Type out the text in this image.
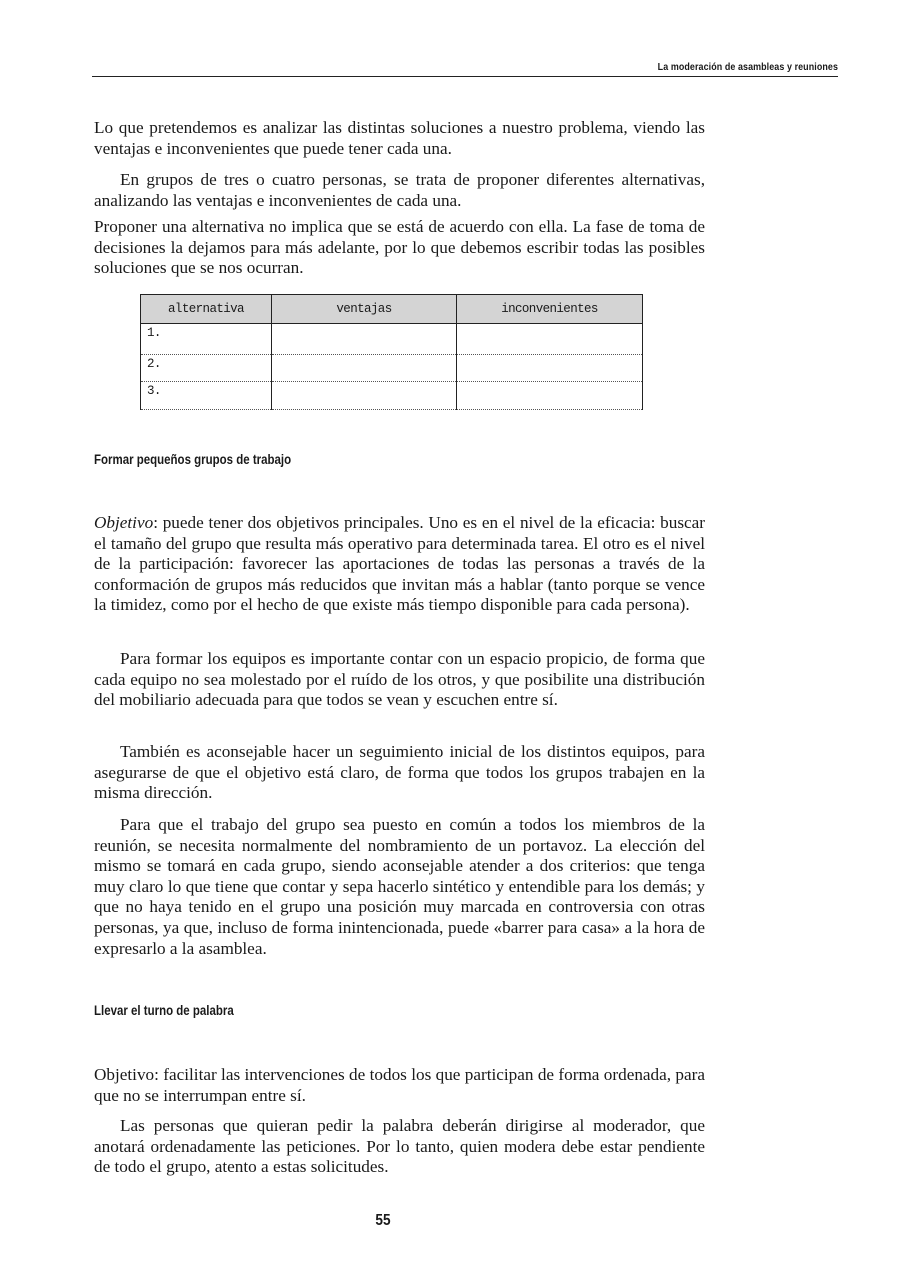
La moderación de asambleas y reuniones

Lo que pretendemos es analizar las distintas soluciones a nuestro problema, viendo las ventajas e inconvenientes que puede tener cada una.

En grupos de tres o cuatro personas, se trata de proponer diferentes alternativas, analizando las ventajas e inconvenientes de cada una.

Proponer una alternativa no implica que se está de acuerdo con ella. La fase de toma de decisiones la dejamos para más adelante, por lo que debemos escribir todas las posibles soluciones que se nos ocurran.

alternativa	ventajas	inconvenientes
1.		
2.		
3.		
Formar pequeños grupos de trabajo

Objetivo: puede tener dos objetivos principales. Uno es en el nivel de la eficacia: buscar el tamaño del grupo que resulta más operativo para determinada tarea. El otro es el nivel de la participación: favorecer las aportaciones de todas las personas a través de la conformación de grupos más reducidos que invitan más a hablar (tanto porque se vence la timidez, como por el hecho de que existe más tiempo disponible para cada persona).

Para formar los equipos es importante contar con un espacio propicio, de forma que cada equipo no sea molestado por el ruído de los otros, y que posibilite una distribución del mobiliario adecuada para que todos se vean y escuchen entre sí.

También es aconsejable hacer un seguimiento inicial de los distintos equipos, para asegurarse de que el objetivo está claro, de forma que todos los grupos trabajen en la misma dirección.

Para que el trabajo del grupo sea puesto en común a todos los miembros de la reunión, se necesita normalmente del nombramiento de un portavoz. La elección del mismo se tomará en cada grupo, siendo aconsejable atender a dos criterios: que tenga muy claro lo que tiene que contar y sepa hacerlo sintético y entendible para los demás; y que no haya tenido en el grupo una posición muy marcada en controversia con otras personas, ya que, incluso de forma inintencionada, puede «barrer para casa» a la hora de expresarlo a la asamblea.

Llevar el turno de palabra

Objetivo: facilitar las intervenciones de todos los que participan de forma ordenada, para que no se interrumpan entre sí.

Las personas que quieran pedir la palabra deberán dirigirse al moderador, que anotará ordenadamente las peticiones. Por lo tanto, quien modera debe estar pendiente de todo el grupo, atento a estas solicitudes.

55
